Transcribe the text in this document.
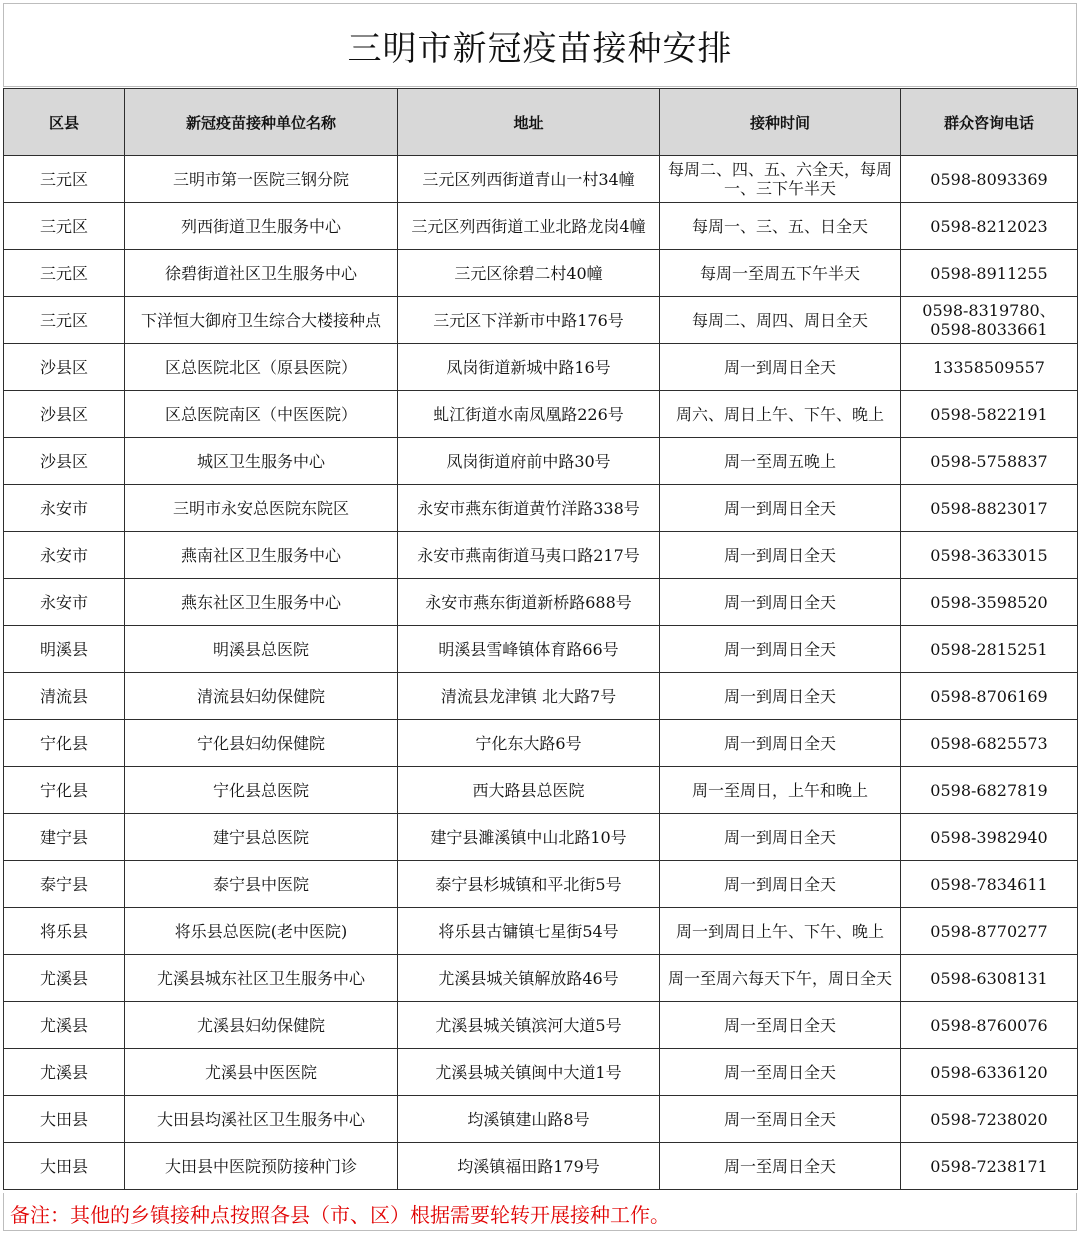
三明市新冠疫苗接种安排
区县	新冠疫苗接种单位名称	地址	接种时间	群众咨询电话
三元区	三明市第一医院三钢分院	三元区列西街道青山一村34幢	每周二、四、五、六全天，每周一、三下午半天	0598-8093369
三元区	列西街道卫生服务中心	三元区列西街道工业北路龙岗4幢	每周一、三、五、日全天	0598-8212023
三元区	徐碧街道社区卫生服务中心	三元区徐碧二村40幢	每周一至周五下午半天	0598-8911255
三元区	下洋恒大御府卫生综合大楼接种点	三元区下洋新市中路176号	每周二、周四、周日全天	0598-8319780、0598-8033661
沙县区	区总医院北区（原县医院）	凤岗街道新城中路16号	周一到周日全天	13358509557
沙县区	区总医院南区（中医医院）	虬江街道水南凤凰路226号	周六、周日上午、下午、晚上	0598-5822191
沙县区	城区卫生服务中心	凤岗街道府前中路30号	周一至周五晚上	0598-5758837
永安市	三明市永安总医院东院区	永安市燕东街道黄竹洋路338号	周一到周日全天	0598-8823017
永安市	燕南社区卫生服务中心	永安市燕南街道马夷口路217号	周一到周日全天	0598-3633015
永安市	燕东社区卫生服务中心	永安市燕东街道新桥路688号	周一到周日全天	0598-3598520
明溪县	明溪县总医院	明溪县雪峰镇体育路66号	周一到周日全天	0598-2815251
清流县	清流县妇幼保健院	清流县龙津镇 北大路7号	周一到周日全天	0598-8706169
宁化县	宁化县妇幼保健院	宁化东大路6号	周一到周日全天	0598-6825573
宁化县	宁化县总医院	西大路县总医院	周一至周日，上午和晚上	0598-6827819
建宁县	建宁县总医院	建宁县濉溪镇中山北路10号	周一到周日全天	0598-3982940
泰宁县	泰宁县中医院	泰宁县杉城镇和平北街5号	周一到周日全天	0598-7834611
将乐县	将乐县总医院(老中医院)	将乐县古镛镇七星街54号	周一到周日上午、下午、晚上	0598-8770277
尤溪县	尤溪县城东社区卫生服务中心	尤溪县城关镇解放路46号	周一至周六每天下午，周日全天	0598-6308131
尤溪县	尤溪县妇幼保健院	尤溪县城关镇滨河大道5号	周一至周日全天	0598-8760076
尤溪县	尤溪县中医医院	尤溪县城关镇闽中大道1号	周一至周日全天	0598-6336120
大田县	大田县均溪社区卫生服务中心	均溪镇建山路8号	周一至周日全天	0598-7238020
大田县	大田县中医院预防接种门诊	均溪镇福田路179号	周一至周日全天	0598-7238171
备注：其他的乡镇接种点按照各县（市、区）根据需要轮转开展接种工作。
